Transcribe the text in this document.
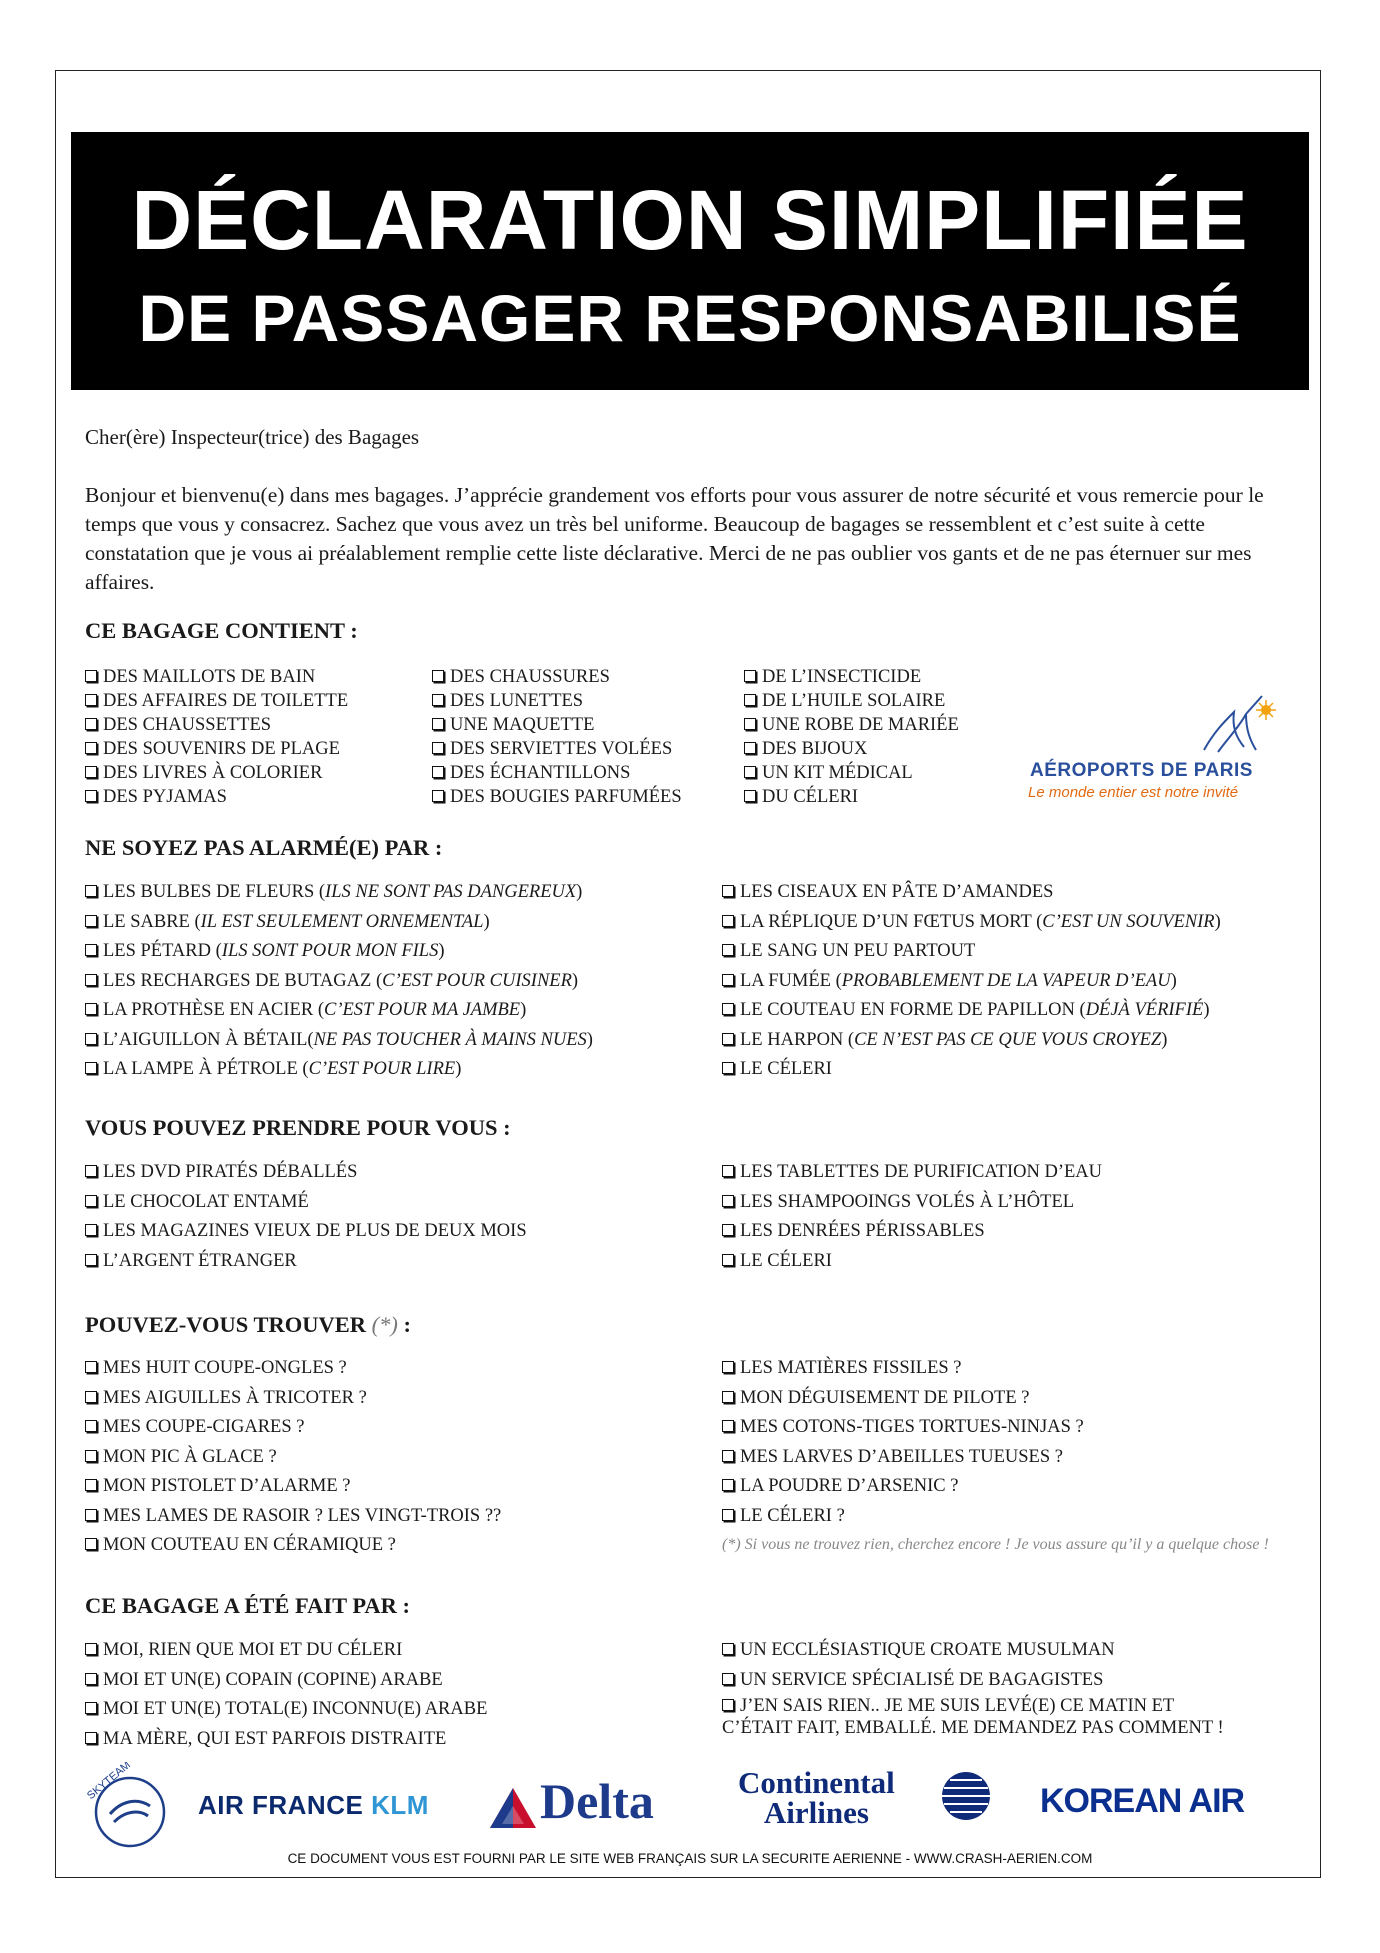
DÉCLARATION SIMPLIFIÉE
DE PASSAGER RESPONSABILISÉ
Cher(ère) Inspecteur(trice) des Bagages
Bonjour et bienvenu(e) dans mes bagages. J’apprécie grandement vos efforts pour vous assurer de notre sécurité et vous remercie pour le temps que vous y consacrez. Sachez que vous avez un très bel uniforme. Beaucoup de bagages se ressemblent et c’est suite à cette constatation que je vous ai préalablement remplie cette liste déclarative. Merci de ne pas oublier vos gants et de ne pas éternuer sur mes affaires.
CE BAGAGE CONTIENT :
DES MAILLOTS DE BAIN
DES AFFAIRES DE TOILETTE
DES CHAUSSETTES
DES SOUVENIRS DE PLAGE
DES LIVRES À COLORIER
DES PYJAMAS
DES CHAUSSURES
DES LUNETTES
UNE MAQUETTE
DES SERVIETTES VOLÉES
DES ÉCHANTILLONS
DES BOUGIES PARFUMÉES
DE L’INSECTICIDE
DE L’HUILE SOLAIRE
UNE ROBE DE MARIÉE
DES BIJOUX
UN KIT MÉDICAL
DU CÉLERI
AÉROPORTS DE PARIS
Le monde entier est notre invité
NE SOYEZ PAS ALARMÉ(E) PAR :
LES BULBES DE FLEURS (ILS NE SONT PAS DANGEREUX)
LE SABRE (IL EST SEULEMENT ORNEMENTAL)
LES PÉTARD (ILS SONT POUR MON FILS)
LES RECHARGES DE BUTAGAZ (C’EST POUR CUISINER)
LA PROTHÈSE EN ACIER (C’EST POUR MA JAMBE)
L’AIGUILLON À BÉTAIL(NE PAS TOUCHER À MAINS NUES)
LA LAMPE À PÉTROLE (C’EST POUR LIRE)
LES CISEAUX EN PÂTE D’AMANDES
LA RÉPLIQUE D’UN FŒTUS MORT (C’EST UN SOUVENIR)
LE SANG UN PEU PARTOUT
LA FUMÉE (PROBABLEMENT DE LA VAPEUR D’EAU)
LE COUTEAU EN FORME DE PAPILLON (DÉJÀ VÉRIFIÉ)
LE HARPON (CE N’EST PAS CE QUE VOUS CROYEZ)
LE CÉLERI
VOUS POUVEZ PRENDRE POUR VOUS :
LES DVD PIRATÉS DÉBALLÉS
LE CHOCOLAT ENTAMÉ
LES MAGAZINES VIEUX DE PLUS DE DEUX MOIS
L’ARGENT ÉTRANGER
LES TABLETTES DE PURIFICATION D’EAU
LES SHAMPOOINGS VOLÉS À L’HÔTEL
LES DENRÉES PÉRISSABLES
LE CÉLERI
POUVEZ-VOUS TROUVER (*) :
MES HUIT COUPE-ONGLES ?
MES AIGUILLES À TRICOTER ?
MES COUPE-CIGARES ?
MON PIC À GLACE ?
MON PISTOLET D’ALARME ?
MES LAMES DE RASOIR ? LES VINGT-TROIS ??
MON COUTEAU EN CÉRAMIQUE ?
LES MATIÈRES FISSILES ?
MON DÉGUISEMENT DE PILOTE ?
MES COTONS-TIGES TORTUES-NINJAS ?
MES LARVES D’ABEILLES TUEUSES ?
LA POUDRE D’ARSENIC ?
LE CÉLERI ?
(*) Si vous ne trouvez rien, cherchez encore ! Je vous assure qu’il y a quelque chose !
CE BAGAGE A ÉTÉ FAIT PAR :
MOI, RIEN QUE MOI ET DU CÉLERI
MOI ET UN(E) COPAIN (COPINE) ARABE
MOI ET UN(E) TOTAL(E) INCONNU(E) ARABE
MA MÈRE, QUI EST PARFOIS DISTRAITE
UN ECCLÉSIASTIQUE CROATE MUSULMAN
UN SERVICE SPÉCIALISÉ DE BAGAGISTES
J’EN SAIS RIEN.. JE ME SUIS LEVÉ(E) CE MATIN ET
C’ÉTAIT FAIT, EMBALLÉ. ME DEMANDEZ PAS COMMENT !
SKYTEAM
AIR FRANCE KLM Delta	Continental
Airlines	KOREAN AIR
CE DOCUMENT VOUS EST FOURNI PAR LE SITE WEB FRANÇAIS SUR LA SECURITE AERIENNE - WWW.CRASH-AERIEN.COM
